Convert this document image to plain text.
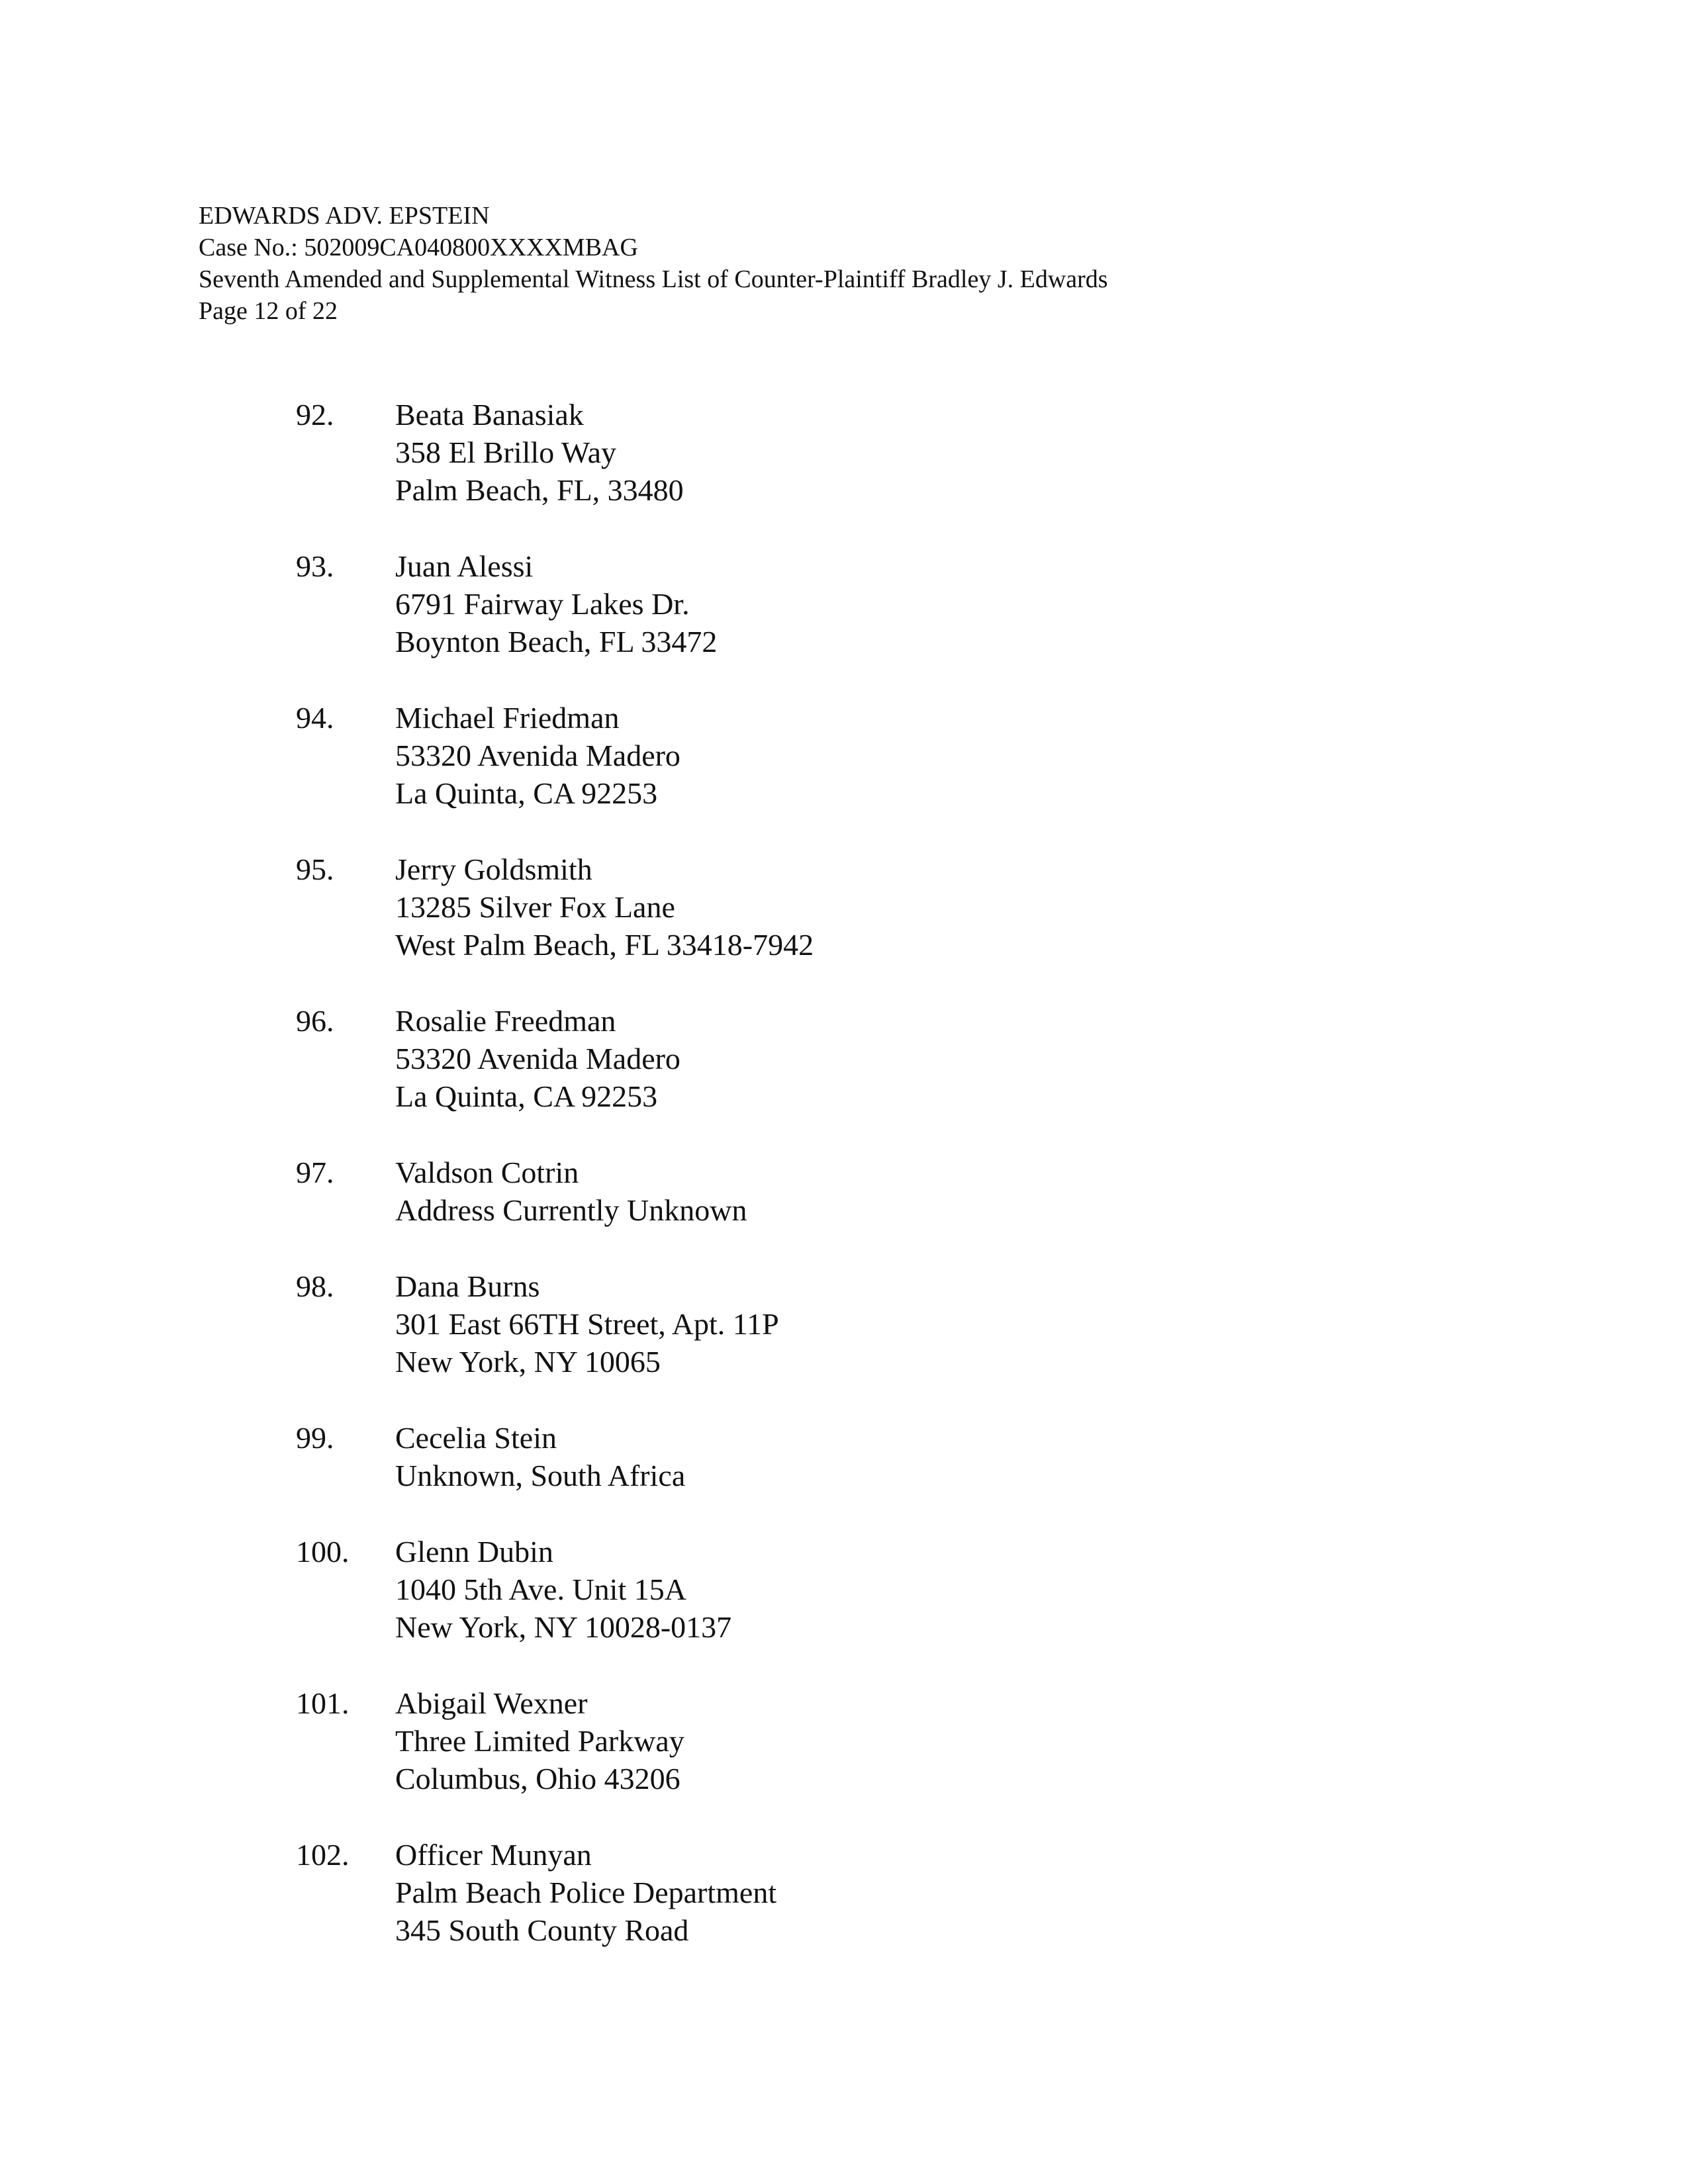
EDWARDS ADV. EPSTEIN
Case No.: 502009CA040800XXXXMBAG
Seventh Amended and Supplemental Witness List of Counter-Plaintiff Bradley J. Edwards
Page 12 of 22
92. Beata Banasiak
358 El Brillo Way
Palm Beach, FL, 33480
93. Juan Alessi
6791 Fairway Lakes Dr.
Boynton Beach, FL 33472
94. Michael Friedman
53320 Avenida Madero
La Quinta, CA 92253
95. Jerry Goldsmith
13285 Silver Fox Lane
West Palm Beach, FL 33418-7942
96. Rosalie Freedman
53320 Avenida Madero
La Quinta, CA 92253
97. Valdson Cotrin
Address Currently Unknown
98. Dana Burns
301 East 66TH Street, Apt. 11P
New York, NY 10065
99. Cecelia Stein
Unknown, South Africa
100. Glenn Dubin
1040 5th Ave. Unit 15A
New York, NY 10028-0137
101. Abigail Wexner
Three Limited Parkway
Columbus, Ohio 43206
102. Officer Munyan
Palm Beach Police Department
345 South County Road
